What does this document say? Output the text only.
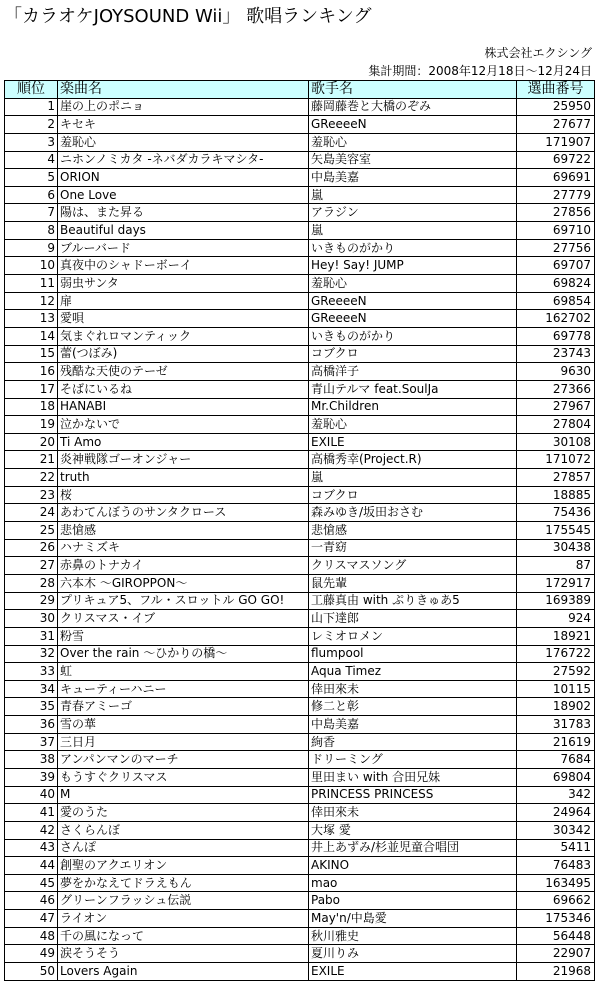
「カラオケJOYSOUND Wii」 歌唱ランキング
株式会社エクシング
集計期間：2008年12月18日～12月24日
順位	楽曲名	歌手名	選曲番号
1	崖の上のポニョ	藤岡藤巻と大橋のぞみ	25950
2	キセキ	GReeeeN	27677
3	羞恥心	羞恥心	171907
4	ニホンノミカタ -ネバダカラキマシタ-	矢島美容室	69722
5	ORION	中島美嘉	69691
6	One Love	嵐	27779
7	陽は、また昇る	アラジン	27856
8	Beautiful days	嵐	69710
9	ブルーバード	いきものがかり	27756
10	真夜中のシャドーボーイ	Hey! Say! JUMP	69707
11	弱虫サンタ	羞恥心	69824
12	扉	GReeeeN	69854
13	愛唄	GReeeeN	162702
14	気まぐれロマンティック	いきものがかり	69778
15	蕾(つぼみ)	コブクロ	23743
16	残酷な天使のテーゼ	高橋洋子	9630
17	そばにいるね	青山テルマ feat.SoulJa	27366
18	HANABI	Mr.Children	27967
19	泣かないで	羞恥心	27804
20	Ti Amo	EXILE	30108
21	炎神戦隊ゴーオンジャー	高橋秀幸(Project.R)	171072
22	truth	嵐	27857
23	桜	コブクロ	18885
24	あわてんぼうのサンタクロース	森みゆき/坂田おさむ	75436
25	悲愴感	悲愴感	175545
26	ハナミズキ	一青窈	30438
27	赤鼻のトナカイ	クリスマスソング	87
28	六本木 ～GIROPPON～	鼠先輩	172917
29	プリキュア5、フル・スロットル GO GO!	工藤真由 with ぷりきゅあ5	169389
30	クリスマス・イブ	山下達郎	924
31	粉雪	レミオロメン	18921
32	Over the rain ～ひかりの橋～	flumpool	176722
33	虹	Aqua Timez	27592
34	キューティーハニー	倖田來未	10115
35	青春アミーゴ	修二と彰	18902
36	雪の華	中島美嘉	31783
37	三日月	絢香	21619
38	アンパンマンのマーチ	ドリーミング	7684
39	もうすぐクリスマス	里田まい with 合田兄妹	69804
40	M	PRINCESS PRINCESS	342
41	愛のうた	倖田來未	24964
42	さくらんぼ	大塚 愛	30342
43	さんぽ	井上あずみ/杉並児童合唱団	5411
44	創聖のアクエリオン	AKINO	76483
45	夢をかなえてドラえもん	mao	163495
46	グリーンフラッシュ伝説	Pabo	69662
47	ライオン	May'n/中島愛	175346
48	千の風になって	秋川雅史	56448
49	涙そうそう	夏川りみ	22907
50	Lovers Again	EXILE	21968
